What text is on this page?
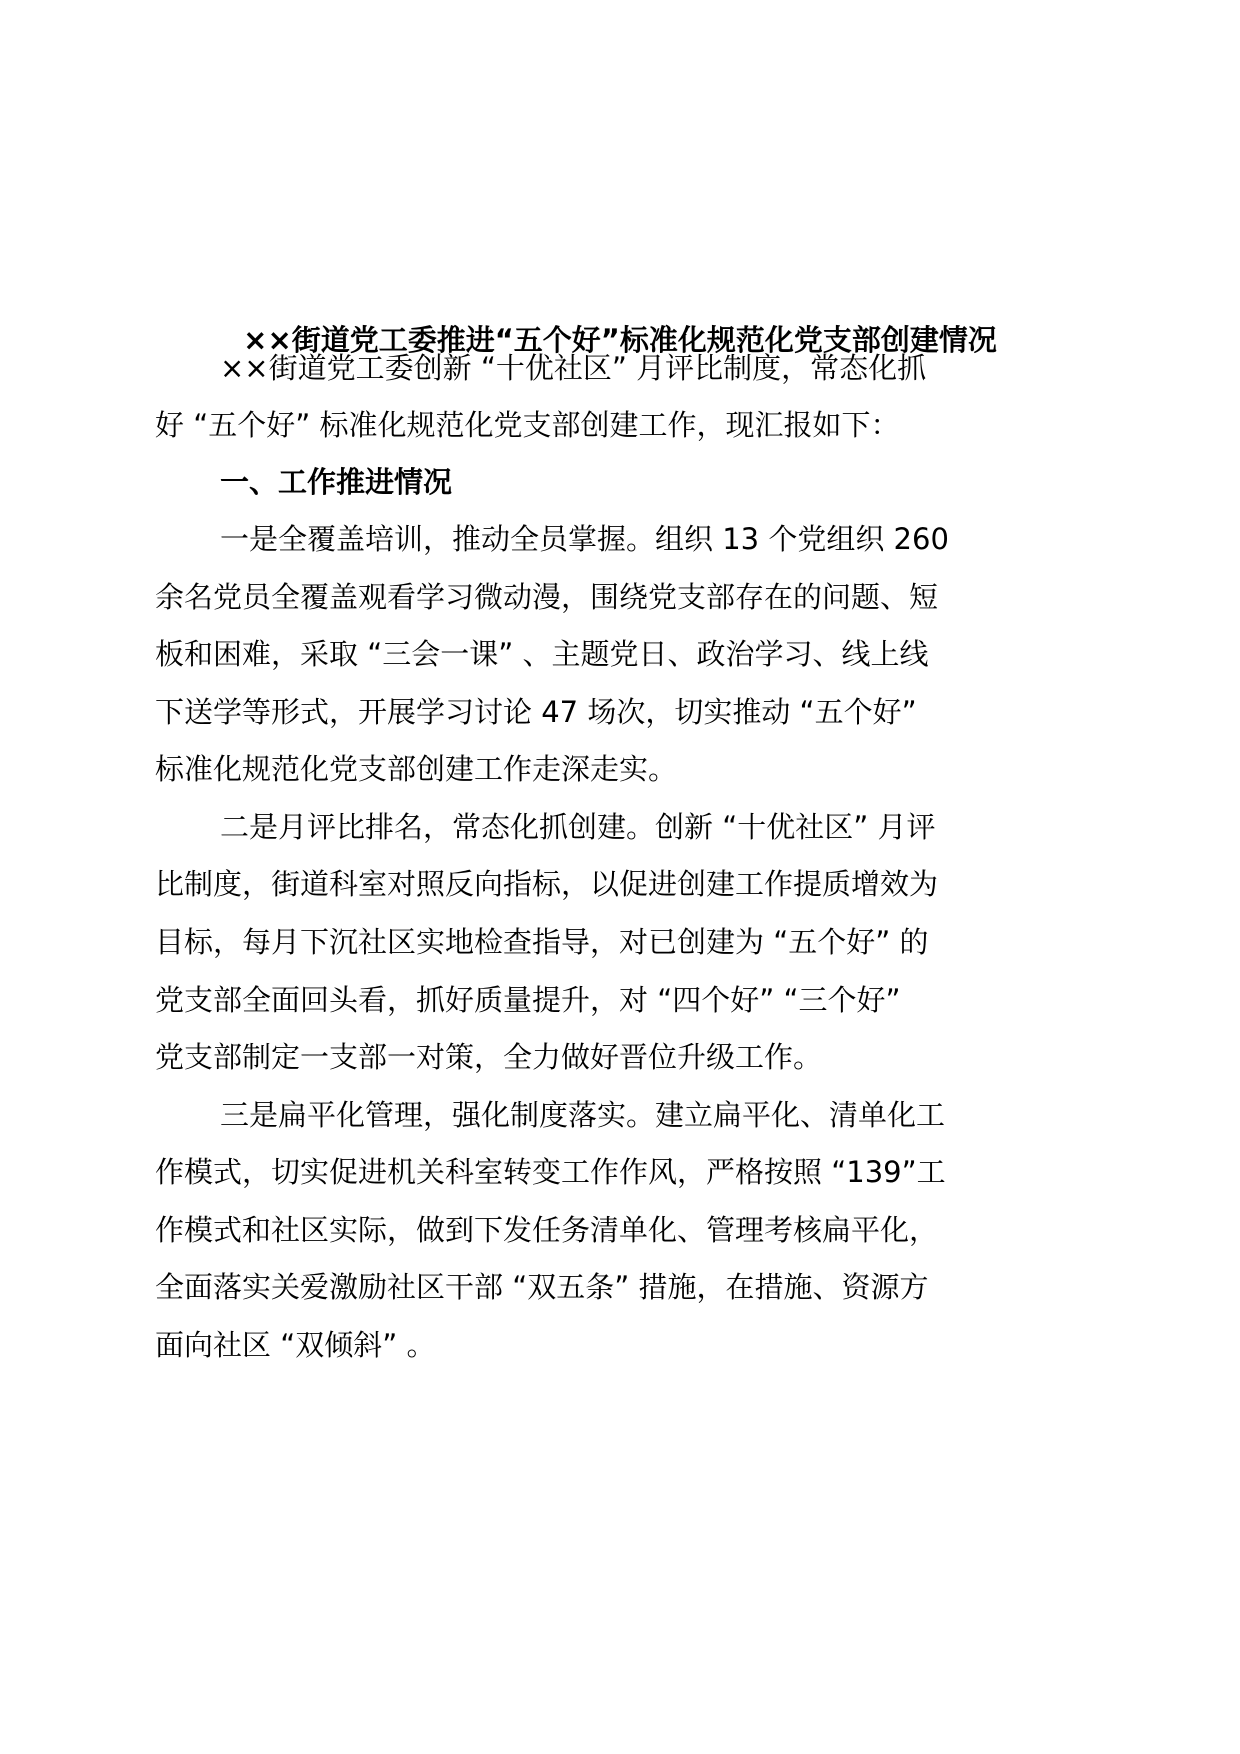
××街道党工委推进“五个好”标准化规范化党支部创建情况
××街道党工委创新 “十优社区” 月评比制度，常态化抓
好 “五个好” 标准化规范化党支部创建工作，现汇报如下：
一、工作推进情况
一是全覆盖培训，推动全员掌握。组织 13 个党组织 260
余名党员全覆盖观看学习微动漫，围绕党支部存在的问题、短
板和困难，采取 “三会一课” 、主题党日、政治学习、线上线
下送学等形式，开展学习讨论 47 场次，切实推动 “五个好”
标准化规范化党支部创建工作走深走实。
二是月评比排名，常态化抓创建。创新 “十优社区” 月评
比制度，街道科室对照反向指标，以促进创建工作提质增效为
目标，每月下沉社区实地检查指导，对已创建为 “五个好” 的
党支部全面回头看，抓好质量提升，对 “四个好” “三个好”
党支部制定一支部一对策，全力做好晋位升级工作。
三是扁平化管理，强化制度落实。建立扁平化、清单化工
作模式，切实促进机关科室转变工作作风，严格按照 “139”工
作模式和社区实际，做到下发任务清单化、管理考核扁平化，
全面落实关爱激励社区干部 “双五条” 措施，在措施、资源方
面向社区 “双倾斜” 。
